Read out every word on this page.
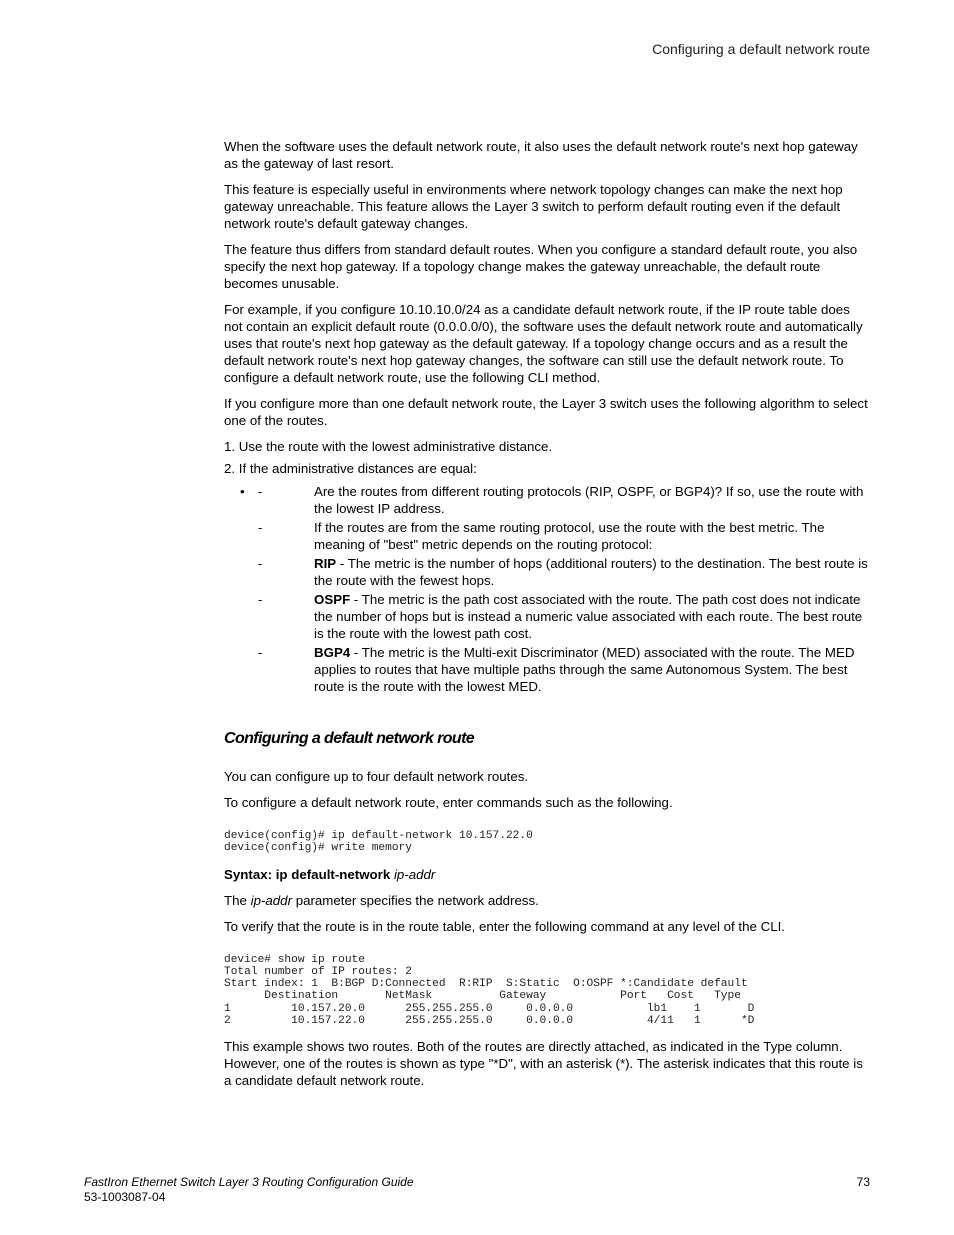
Configuring a default network route

When the software uses the default network route, it also uses the default network route's next hop gateway as the gateway of last resort.

This feature is especially useful in environments where network topology changes can make the next hop gateway unreachable. This feature allows the Layer 3 switch to perform default routing even if the default network route's default gateway changes.

The feature thus differs from standard default routes. When you configure a standard default route, you also specify the next hop gateway. If a topology change makes the gateway unreachable, the default route becomes unusable.

For example, if you configure 10.10.10.0/24 as a candidate default network route, if the IP route table does not contain an explicit default route (0.0.0.0/0), the software uses the default network route and automatically uses that route's next hop gateway as the default gateway. If a topology change occurs and as a result the default network route's next hop gateway changes, the software can still use the default network route. To configure a default network route, use the following CLI method.

If you configure more than one default network route, the Layer 3 switch uses the following algorithm to select one of the routes.

1. Use the route with the lowest administrative distance.
2. If the administrative distances are equal:
• -	Are the routes from different routing protocols (RIP, OSPF, or BGP4)? If so, use the route with the lowest IP address.
-	If the routes are from the same routing protocol, use the route with the best metric. The meaning of "best" metric depends on the routing protocol:
-	RIP - The metric is the number of hops (additional routers) to the destination. The best route is the route with the fewest hops.
-	OSPF - The metric is the path cost associated with the route. The path cost does not indicate the number of hops but is instead a numeric value associated with each route. The best route is the route with the lowest path cost.
-	BGP4 - The metric is the Multi-exit Discriminator (MED) associated with the route. The MED applies to routes that have multiple paths through the same Autonomous System. The best route is the route with the lowest MED.
Configuring a default network route

You can configure up to four default network routes.

To configure a default network route, enter commands such as the following.

device(config)# ip default-network 10.157.22.0
device(config)# write memory

Syntax: ip default-network ip-addr

The ip-addr parameter specifies the network address.

To verify that the route is in the route table, enter the following command at any level of the CLI.

device# show ip route
Total number of IP routes: 2
Start index: 1  B:BGP D:Connected  R:RIP  S:Static  O:OSPF *:Candidate default
Destination       NetMask          Gateway           Port   Cost   Type
1         10.157.20.0      255.255.255.0     0.0.0.0           lb1    1       D
2         10.157.22.0      255.255.255.0     0.0.0.0           4/11   1      *D

This example shows two routes. Both of the routes are directly attached, as indicated in the Type column. However, one of the routes is shown as type "*D", with an asterisk (*). The asterisk indicates that this route is a candidate default network route.

FastIron Ethernet Switch Layer 3 Routing Configuration Guide
53-1003087-04
73
